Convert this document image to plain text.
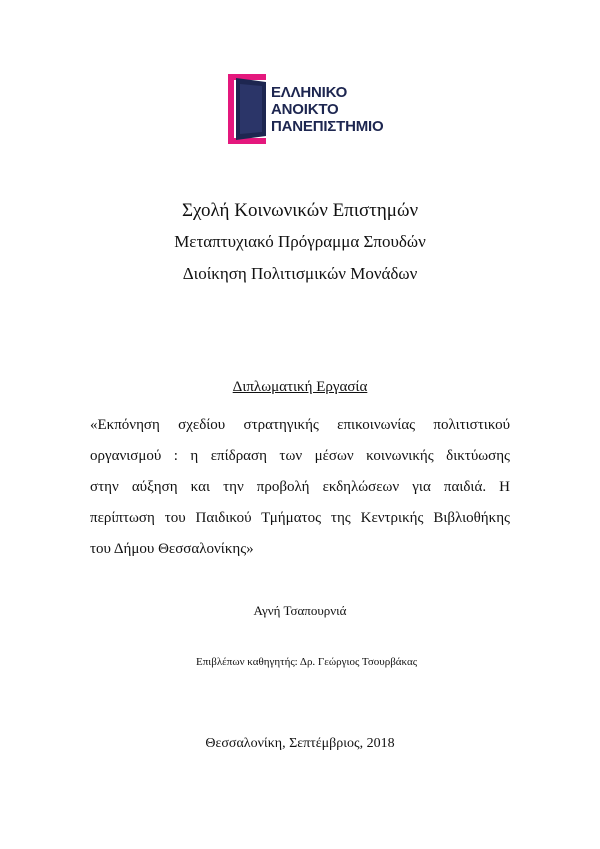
ΕΛΛΗΝΙΚΟ
ΑΝΟΙΚΤΟ
ΠΑΝΕΠΙΣΤΗΜΙΟ
Σχολή Κοινωνικών Επιστημών
Μεταπτυχιακό Πρόγραμμα Σπουδών
Διοίκηση Πολιτισμικών Μονάδων
Διπλωματική Εργασία
«Εκπόνηση σχεδίου στρατηγικής επικοινωνίας πολιτιστικού
οργανισμού : η επίδραση των μέσων κοινωνικής δικτύωσης
στην αύξηση και την προβολή εκδηλώσεων για παιδιά. Η
περίπτωση του Παιδικού Τμήματος της Κεντρικής Βιβλιοθήκης
του Δήμου Θεσσαλονίκης»
Αγνή Τσαπουρνιά
Επιβλέπων καθηγητής: Δρ. Γεώργιος Τσουρβάκας
Θεσσαλονίκη, Σεπτέμβριος, 2018
